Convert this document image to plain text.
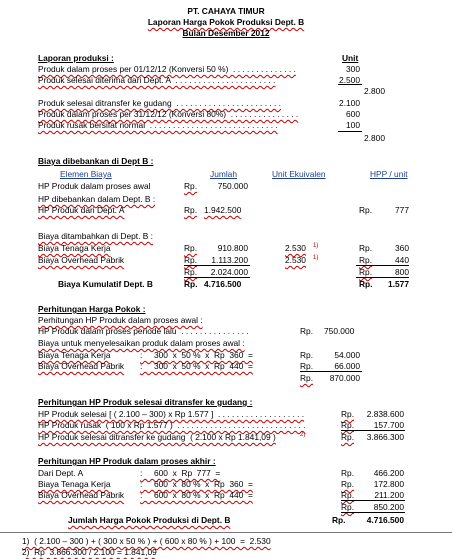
PT. CAHAYA TIMUR
Laporan Harga Pokok Produksi Dept. B
Bulan Desember 2012
Laporan produksi :	Unit
Produk dalam proses per 01/12/12 (Konversi 50 %)  . . . . . . . . . . . . . .	300
Produk selesai diterima dari Dept. A  . . . . . . . . . . . . . . . . . . . . . .	2.500
2.800
Produk selesai ditransfer ke gudang  . . . . . . . . . . . . . . . . . . . . . . .	2.100
Produk dalam proses per 31/12/12 (Konversi 80%)  . . . . . . . . . . . . . . .	600
Produk rusak bersifat normal  . . . . . . . . . . . . . . . . . . . . . . . . . . . .	100
2.800
Biaya dibebankan di Dept B :
Elemen Biaya	Jumlah	Unit Ekuivalen	HPP / unit
HP Produk dalam proses awal	Rp.	750.000
HP dibebankan dalam Dept. B :
HP Produk dari Dept. A	Rp. 1.942.500	Rp.	777
Biaya ditambahkan di Dept. B :
Biaya Tenaga Kerja	Rp.	910.800	2.530 1)	Rp.	360
Biaya Overhead Pabrik	Rp.	1.113.200	2.530 1)	Rp.	440
Rp.	2.024.000	Rp.	800
Biaya Kumulatif Dept. B	Rp. 4.716.500	Rp.	1.577
Perhitungan Harga Pokok :
Perhitungan HP Produk dalam proses awal :
HP Produk dalam proses periode lalu  . . . . . . . . . . . . . . .	Rp. 750.000
Biaya untuk menyelesaikan produk dalam proses awal :
Biaya Tenaga Kerja	:     300  x  50 %  x  Rp  360  =	Rp.	54.000
Biaya Overhead Pabrik :     300  x  50 %  x  Rp  440  =	Rp.	66.000
Rp.	870.000
Perhitungan HP Produk selesai ditransfer ke gudang :
HP Produk selesai [ ( 2.100 – 300) x Rp 1.577 ]  . . . . . . . . . . . . . . . . . . .	Rp.	2.838.600
HP Produk rusak  ( 100 x Rp 1.577 )  . . . . . . . . . . . . . . . . . . . . . . . . . . . .	Rp.	157.700
HP Produk selesai ditransfer ke gudang  ( 2.100 x Rp 1.841,09 )	2)	Rp.	3.866.300
Perhitungan HP Produk dalam proses akhir :
Dari Dept. A	:     600  x  Rp  777  =	Rp.	466.200
Biaya Tenaga Kerja	:     600  x  80 %  x  Rp  360  =	Rp.	172.800
Biaya Overhead Pabrik :     600  x  80 %  x  Rp  440  =	Rp.	211.200
Rp.	850.200
Jumlah Harga Pokok Produksi di Dept. B	Rp.	4.716.500
1)  ( 2.100 – 300 ) + ( 300 x 50 % ) + ( 600 x 80 % ) + 100  =  2.530
2)  Rp  3.866.300 / 2.100 = 1.841,09
